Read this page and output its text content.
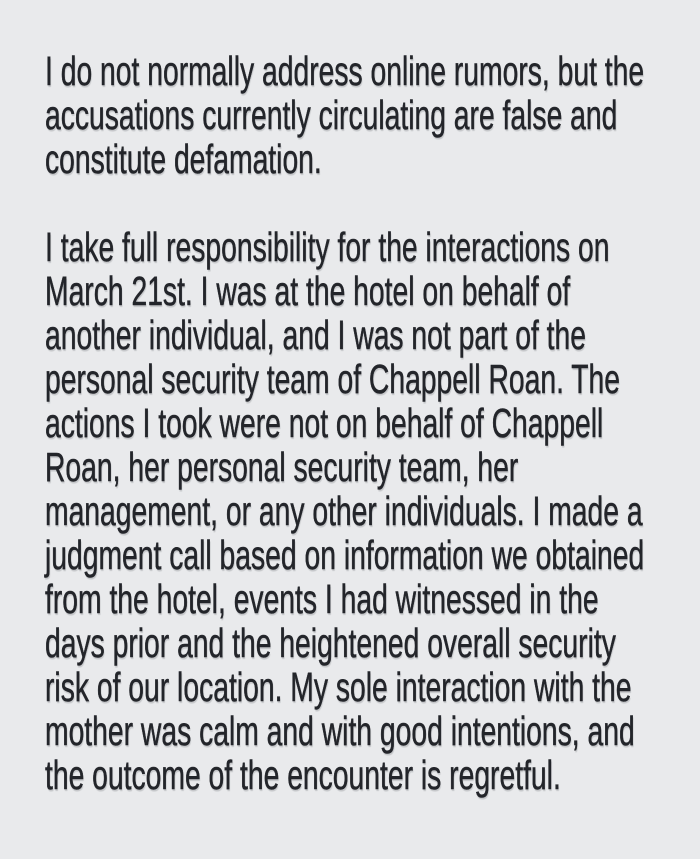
I do not normally address online rumors, but the
accusations currently circulating are false and
constitute defamation.
I take full responsibility for the interactions on
March 21st. I was at the hotel on behalf of
another individual, and I was not part of the
personal security team of Chappell Roan. The
actions I took were not on behalf of Chappell
Roan, her personal security team, her
management, or any other individuals. I made a
judgment call based on information we obtained
from the hotel, events I had witnessed in the
days prior and the heightened overall security
risk of our location. My sole interaction with the
mother was calm and with good intentions, and
the outcome of the encounter is regretful.
